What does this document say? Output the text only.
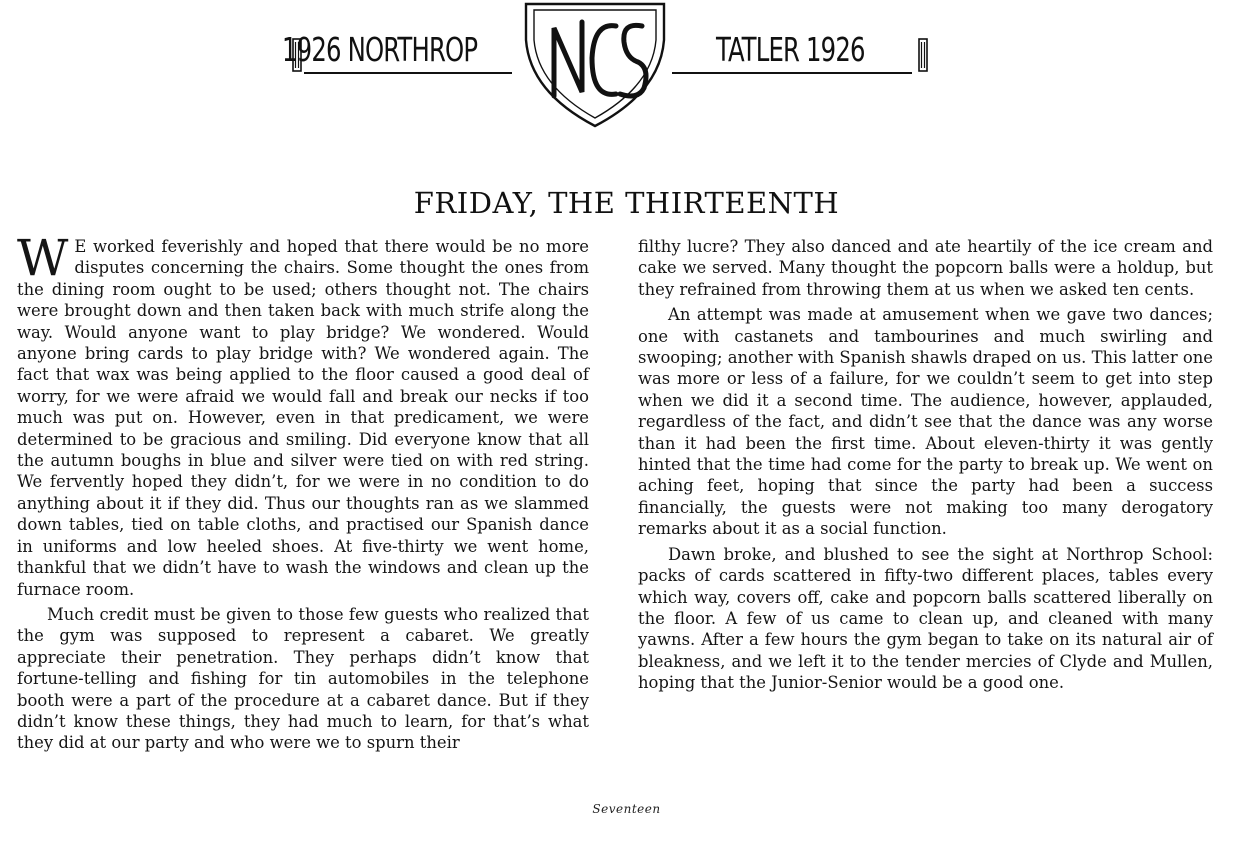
1926 NORTHROP	TATLER 1926
FRIDAY, THE THIRTEENTH

W E worked feverishly and hoped that there would be no more disputes concerning the chairs. Some thought the ones from the dining room ought to be used; others thought not. The chairs were brought down and then taken back with much strife along the way. Would anyone want to play bridge? We wondered. Would anyone bring cards to play bridge with? We wondered again. The fact that wax was being applied to the floor caused a good deal of worry, for we were afraid we would fall and break our necks if too much was put on. However, even in that predicament, we were determined to be gracious and smiling. Did everyone know that all the autumn boughs in blue and silver were tied on with red string. We fervently hoped they didn’t, for we were in no condition to do anything about it if they did. Thus our thoughts ran as we slammed down tables, tied on table cloths, and practised our Spanish dance in uniforms and low heeled shoes. At five-thirty we went home, thankful that we didn’t have to wash the windows and clean up the furnace room.

Much credit must be given to those few guests who realized that the gym was supposed to represent a cabaret. We greatly appreciate their penetration. They perhaps didn’t know that fortune-telling and fishing for tin automobiles in the telephone booth were a part of the procedure at a cabaret dance. But if they didn’t know these things, they had much to learn, for that’s what they did at our party and who were we to spurn their

filthy lucre? They also danced and ate heartily of the ice cream and cake we served. Many thought the popcorn balls were a holdup, but they refrained from throwing them at us when we asked ten cents.

An attempt was made at amusement when we gave two dances; one with castanets and tambourines and much swirling and swooping; another with Spanish shawls draped on us. This latter one was more or less of a failure, for we couldn’t seem to get into step when we did it a second time. The audience, however, applauded, regardless of the fact, and didn’t see that the dance was any worse than it had been the first time. About eleven-thirty it was gently hinted that the time had come for the party to break up. We went on aching feet, hoping that since the party had been a success financially, the guests were not making too many derogatory remarks about it as a social function.

Dawn broke, and blushed to see the sight at Northrop School: packs of cards scattered in fifty-two different places, tables every which way, covers off, cake and popcorn balls scattered liberally on the floor. A few of us came to clean up, and cleaned with many yawns. After a few hours the gym began to take on its natural air of bleakness, and we left it to the tender mercies of Clyde and Mullen, hoping that the Junior-Senior would be a good one.

Seventeen
